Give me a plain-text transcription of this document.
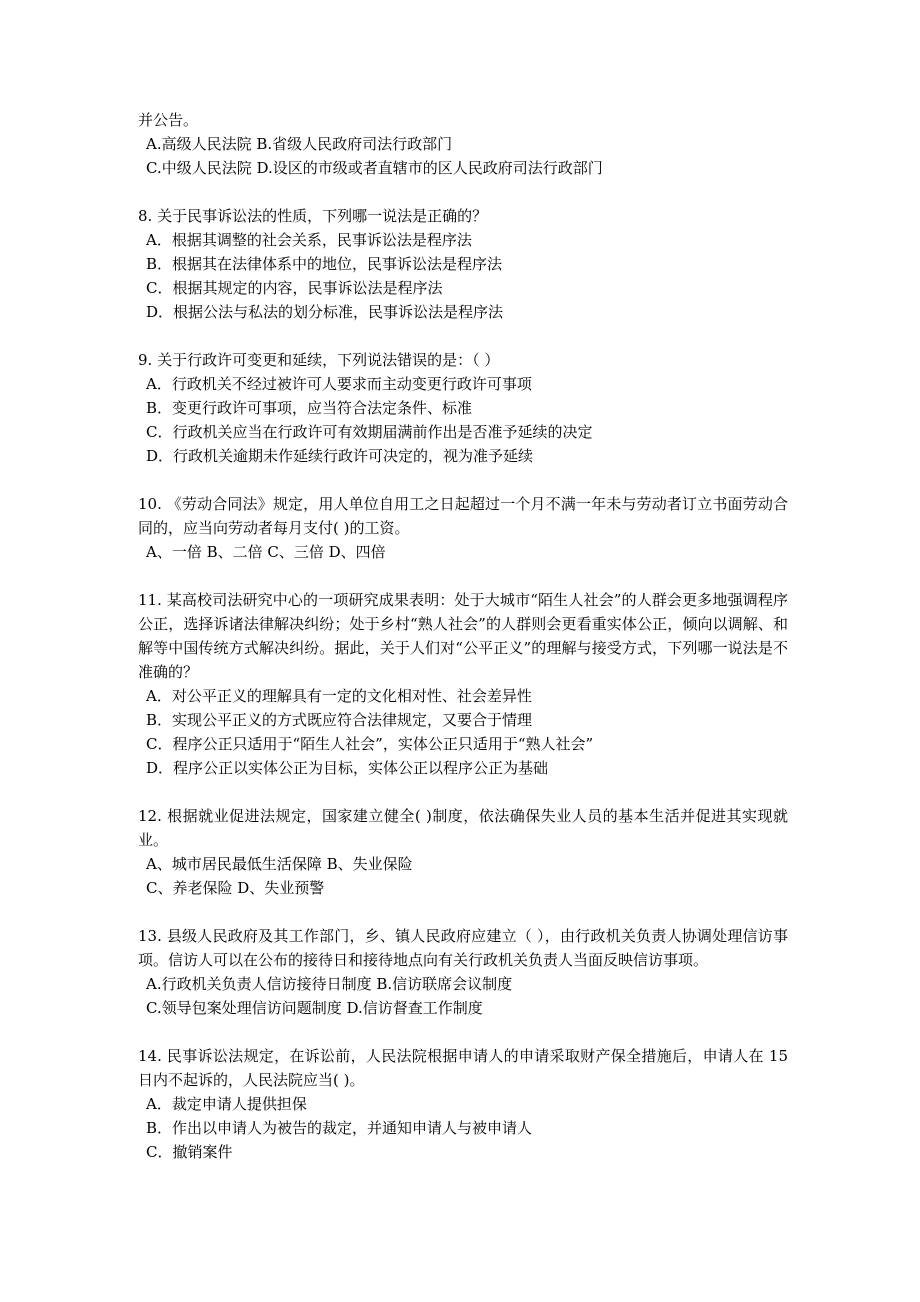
并公告。
A.高级人民法院 B.省级人民政府司法行政部门
C.中级人民法院 D.设区的市级或者直辖市的区人民政府司法行政部门
8. 关于民事诉讼法的性质，下列哪一说法是正确的？
A．根据其调整的社会关系，民事诉讼法是程序法
B．根据其在法律体系中的地位，民事诉讼法是程序法
C．根据其规定的内容，民事诉讼法是程序法
D．根据公法与私法的划分标准，民事诉讼法是程序法
9. 关于行政许可变更和延续，下列说法错误的是：（ ）
A．行政机关不经过被许可人要求而主动变更行政许可事项
B．变更行政许可事项，应当符合法定条件、标准
C．行政机关应当在行政许可有效期届满前作出是否准予延续的决定
D．行政机关逾期未作延续行政许可决定的，视为准予延续
10. 《劳动合同法》规定，用人单位自用工之日起超过一个月不满一年未与劳动者订立书面劳动合同的，应当向劳动者每月支付( )的工资。
A、一倍 B、二倍 C、三倍 D、四倍
11. 某高校司法研究中心的一项研究成果表明：处于大城市“陌生人社会”的人群会更多地强调程序公正，选择诉诸法律解决纠纷；处于乡村“熟人社会”的人群则会更看重实体公正，倾向以调解、和解等中国传统方式解决纠纷。据此，关于人们对“公平正义”的理解与接受方式，下列哪一说法是不准确的？
A．对公平正义的理解具有一定的文化相对性、社会差异性
B．实现公平正义的方式既应符合法律规定，又要合于情理
C．程序公正只适用于“陌生人社会”，实体公正只适用于“熟人社会”
D．程序公正以实体公正为目标，实体公正以程序公正为基础
12. 根据就业促进法规定，国家建立健全( )制度，依法确保失业人员的基本生活并促进其实现就业。
A、城市居民最低生活保障 B、失业保险
C、养老保险 D、失业预警
13. 县级人民政府及其工作部门，乡、镇人民政府应建立（ ），由行政机关负责人协调处理信访事项。信访人可以在公布的接待日和接待地点向有关行政机关负责人当面反映信访事项。
A.行政机关负责人信访接待日制度 B.信访联席会议制度
C.领导包案处理信访问题制度 D.信访督查工作制度
14. 民事诉讼法规定，在诉讼前，人民法院根据申请人的申请采取财产保全措施后，申请人在 15 日内不起诉的，人民法院应当( )。
A．裁定申请人提供担保
B．作出以申请人为被告的裁定，并通知申请人与被申请人
C．撤销案件
